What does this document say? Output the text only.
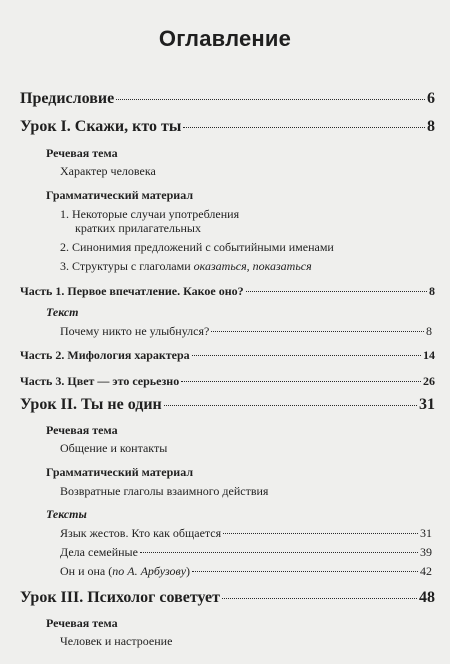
Оглавление
Предисловие	6
Урок I. Скажи, кто ты	8
Речевая тема
Характер человека
Грамматический материал
1. Некоторые случаи употребления
кратких прилагательных
2. Синонимия предложений с событийными именами
3. Структуры с глаголами оказаться, показаться
Часть 1. Первое впечатление. Какое оно?	8
Текст
Почему никто не улыбнулся?	8
Часть 2. Мифология характера	14
Часть 3. Цвет — это серьезно	26
Урок II. Ты не один	31
Речевая тема
Общение и контакты
Грамматический материал
Возвратные глаголы взаимного действия
Тексты
Язык жестов. Кто как общается	31
Дела семейные	39
Он и она (по А. Арбузову)	42
Урок III. Психолог советует	48
Речевая тема
Человек и настроение
